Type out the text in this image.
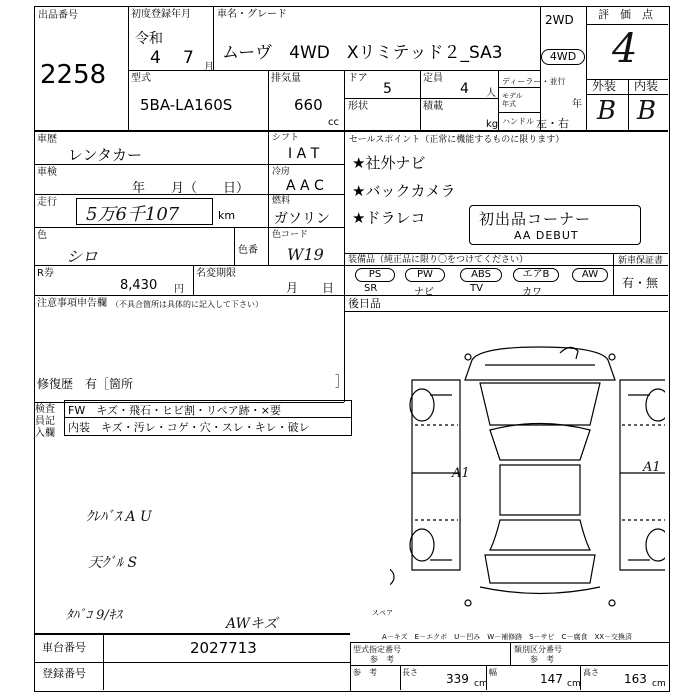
出品番号
2258
初度登録年月
令和
4 7 月
車名・グレード
ムーヴ　4WD　Xリミテッド２_SA3
2WD
4WD
評　価　点
4
型式
5BA-LA160S
排気量
660
cc
ドア
5
定員
4 人
形状	積載
kg
ディーラー・並行
モデル年式	年
ハンドル 左・右
外装 内装
B B
車歴
レンタカー
シフト
I A T
車検
年　　月（　　日）
冷房
A A C
走行
5万6千107	km
燃料
ガソリン
色
シロ	色番
色コード
W19
R券
8,430 円
名変期限
月　　日
セールスポイント（正常に機能するものに限ります）
★社外ナビ
★バックカメラ
★ドラレコ	初出品コーナー
AA DEBUT
装備品（純正品に限り〇をつけてください）
PS
SR
PW
ナビ
ABS
TV
エアB
カワ
AW
新車保証書
有・無
注意事項申告欄 （不具合箇所は具体的に記入して下さい）
修復歴　有［箇所	］
後日品
検査員記入欄
FW　キズ・飛石・ヒビ割・リペア跡・×要
内装　キズ・汚レ・コゲ・穴・スレ・キレ・破レ
ｸﾚﾊﾞｽ A U
天ｸﾞﾙ S
ﾀﾊﾞｺ 9/ｷｽ
AWキズ
A1	A1
スペア
A－キズ　E－エクボ　U－凹み　W－補修跡　S－サビ　C－腐食　XX－交換済
車台番号	2027713
登録番号
型式指定番号
参　考
類別区分番号
参　考
参　考	長さ 339 cm
幅	147 cm
高さ 163 cm
